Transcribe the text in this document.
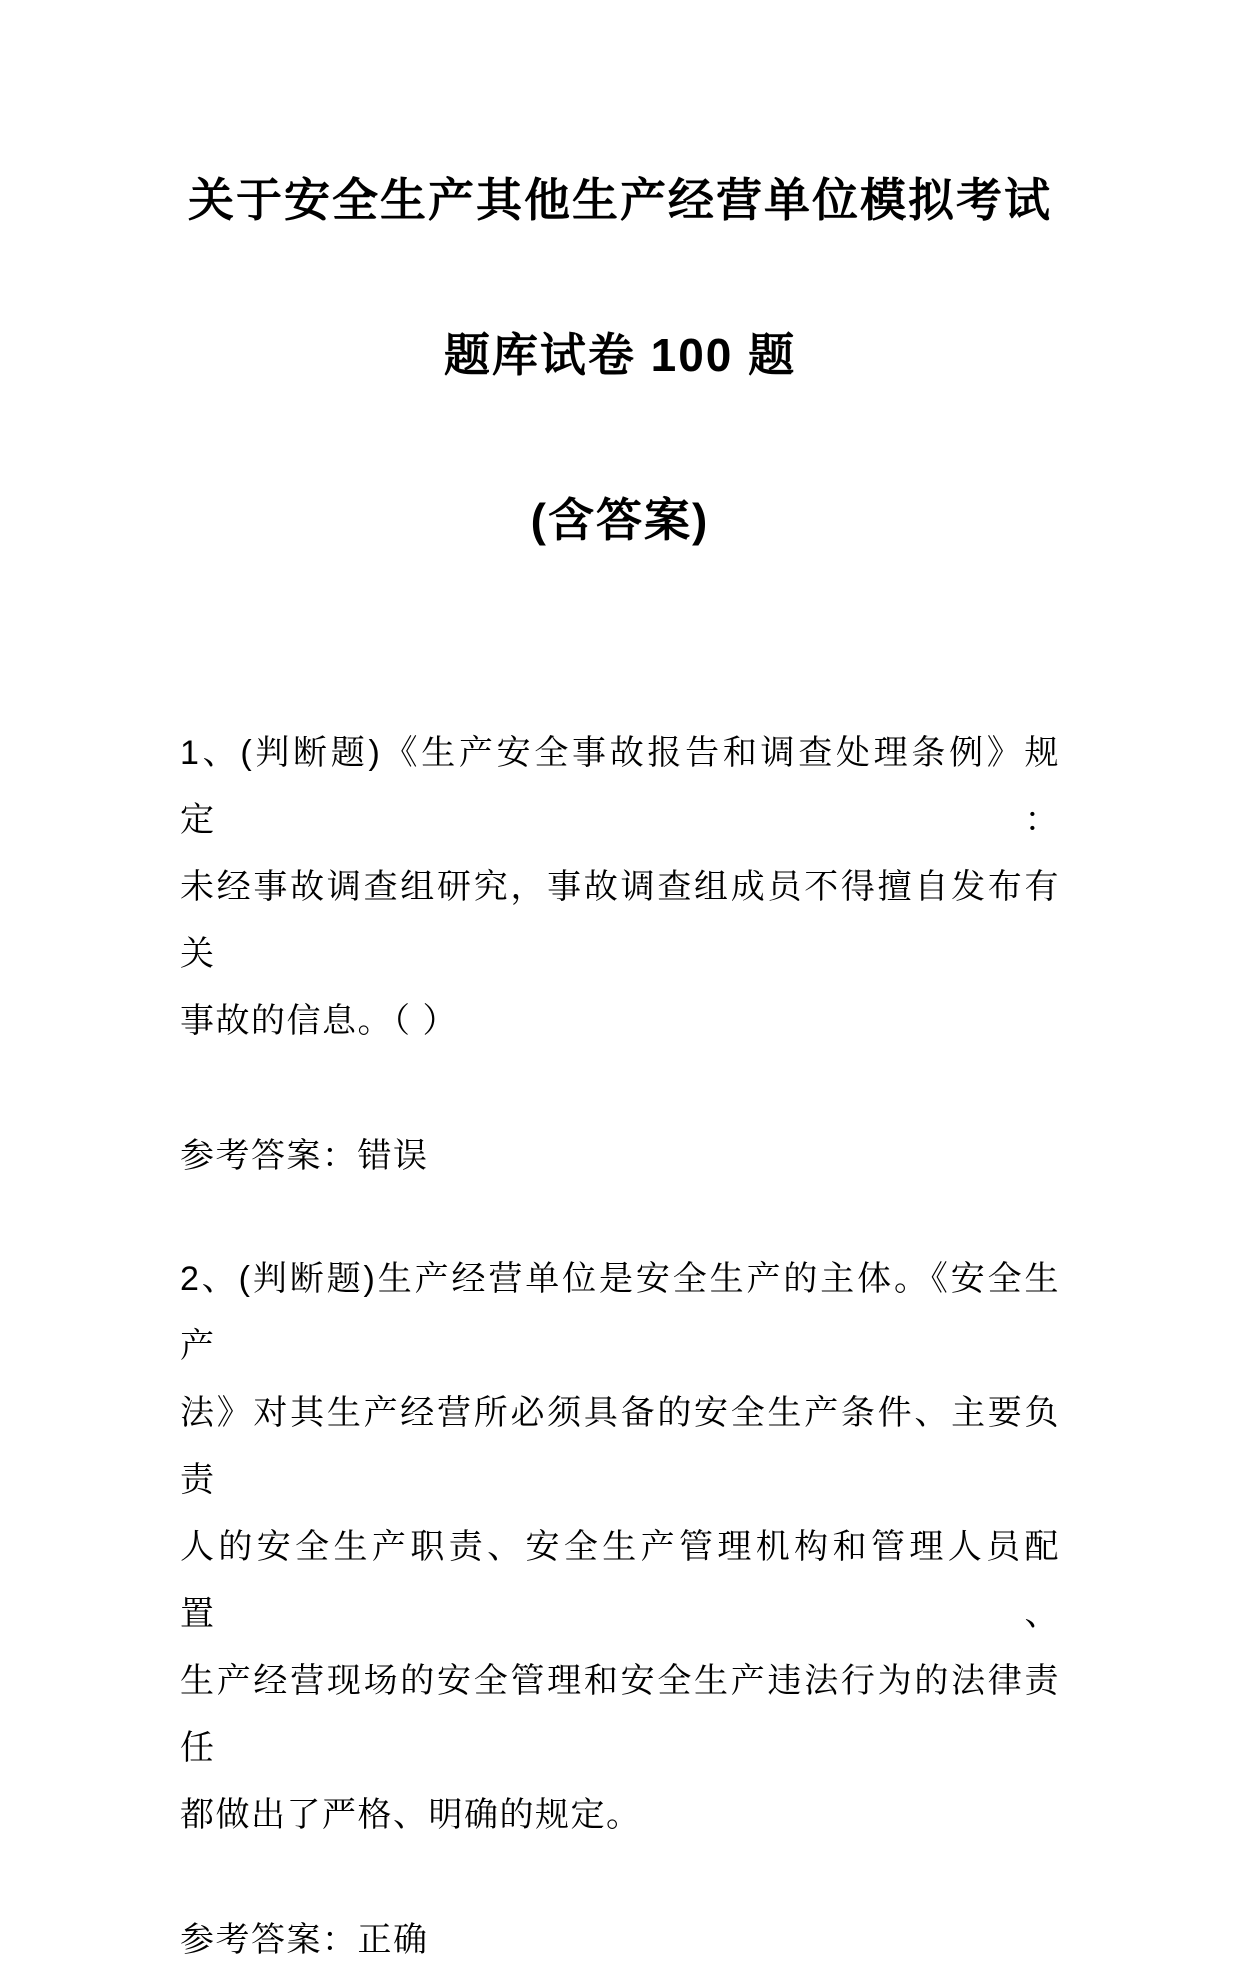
关于安全生产其他生产经营单位模拟考试
题库试卷 100 题
(含答案)
1、(判断题)《生产安全事故报告和调查处理条例》规定：
未经事故调查组研究，事故调查组成员不得擅自发布有关
事故的信息。（ ）
参考答案：错误
2、(判断题)生产经营单位是安全生产的主体。《安全生产
法》对其生产经营所必须具备的安全生产条件、主要负责
人的安全生产职责、安全生产管理机构和管理人员配置、
生产经营现场的安全管理和安全生产违法行为的法律责任
都做出了严格、明确的规定。
参考答案：正确
